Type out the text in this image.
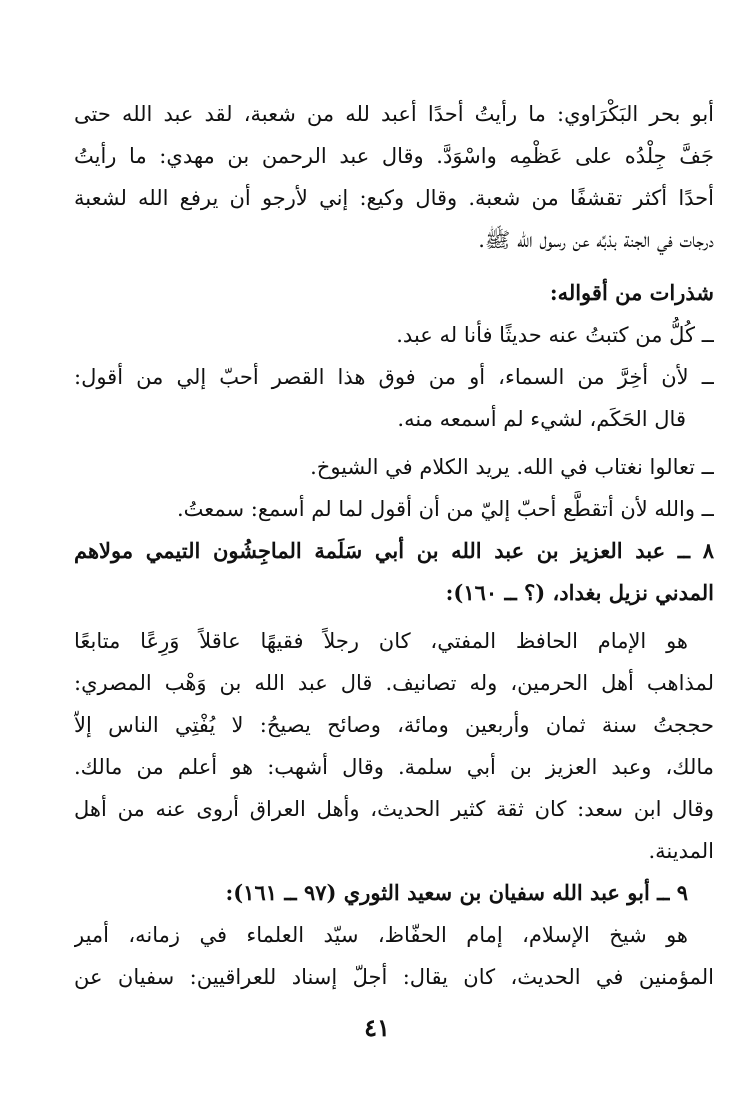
أبو بحر البَكْرَاوي: ما رأيتُ أحدًا أعبد لله من شعبة، لقد عبد الله حتى
جَفَّ جِلْدُه على عَظْمِه واسْوَدَّ. وقال عبد الرحمن بن مهدي: ما رأيتُ
أحدًا أكثر تقشفًا من شعبة. وقال وكيع: إني لأرجو أن يرفع الله لشعبة
درجات في الجنة بذبِّه عن رسول الله ﷺ.
شذرات من أقواله:
ــ كُلُّ من كتبتُ عنه حديثًا فأنا له عبد.
ــ لأن أخِرَّ من السماء، أو من فوق هذا القصر أحبّ إلي من أقول:
قال الحَكَم، لشيء لم أسمعه منه.
ــ تعالوا نغتاب في الله. يريد الكلام في الشيوخ.
ــ والله لأن أتقطَّع أحبّ إليّ من أن أقول لما لم أسمع: سمعتُ.
٨ ــ عبد العزيز بن عبد الله بن أبي سَلَمة الماجِشُون التيمي مولاهم
المدني نزيل بغداد، (؟ ــ ١٦٠):
هو الإمام الحافظ المفتي، كان رجلاً فقيهًا عاقلاً وَرِعًا متابعًا
لمذاهب أهل الحرمين، وله تصانيف. قال عبد الله بن وَهْب المصري:
حججتُ سنة ثمان وأربعين ومائة، وصائح يصيحُ: لا يُفْتِي الناس إلاّ
مالك، وعبد العزيز بن أبي سلمة. وقال أشهب: هو أعلم من مالك.
وقال ابن سعد: كان ثقة كثير الحديث، وأهل العراق أروى عنه من أهل
المدينة.
٩ ــ أبو عبد الله سفيان بن سعيد الثوري (٩٧ ــ ١٦١):
هو شيخ الإسلام، إمام الحفّاظ، سيّد العلماء في زمانه، أمير
المؤمنين في الحديث، كان يقال: أجلّ إسناد للعراقيين: سفيان عن
٤١
